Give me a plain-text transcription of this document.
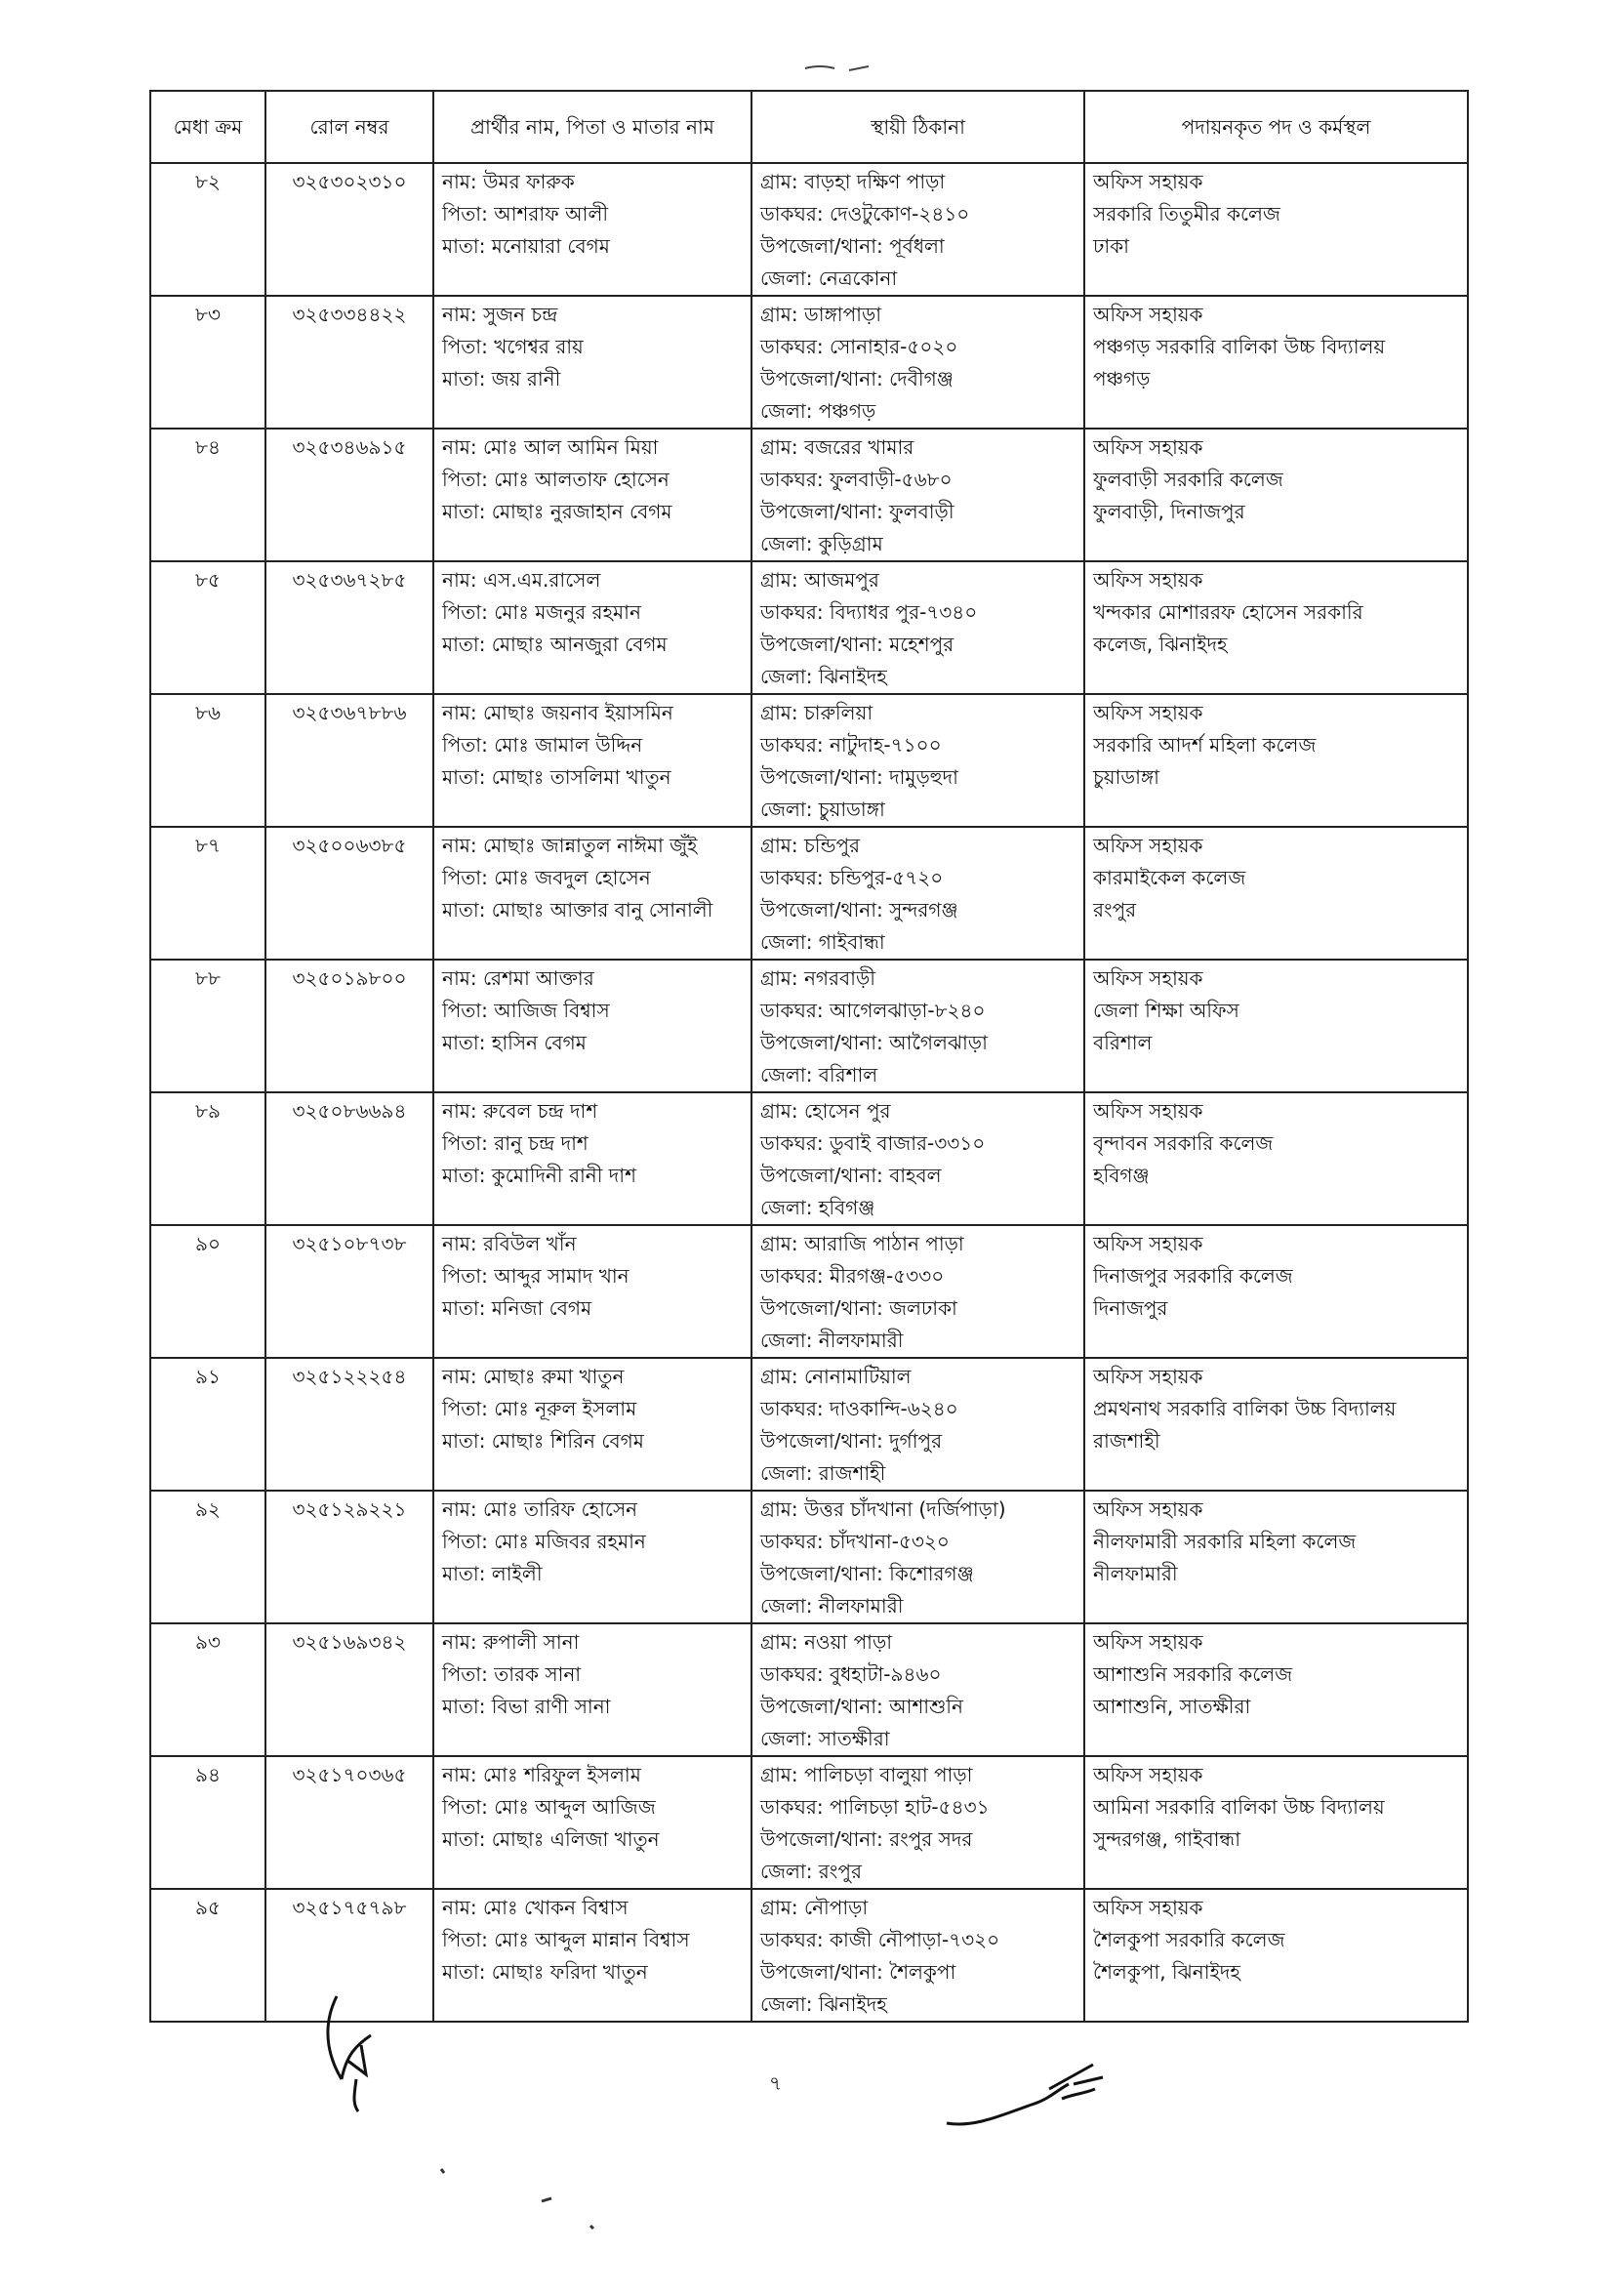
মেধা ক্রম	রোল নম্বর	প্রার্থীর নাম, পিতা ও মাতার নাম	স্থায়ী ঠিকানা	পদায়নকৃত পদ ও কর্মস্থল

৮২	৩২৫৩০২৩১০	নাম: উমর ফারুক
পিতা: আশরাফ আলী
মাতা: মনোয়ারা বেগম	গ্রাম: বাড়হা দক্ষিণ পাড়া
ডাকঘর: দেওটুকোণ-২৪১০
উপজেলা/থানা: পূর্বধলা
জেলা: নেত্রকোনা	অফিস সহায়ক
সরকারি তিতুমীর কলেজ
ঢাকা

৮৩	৩২৫৩৩৪৪২২	নাম: সুজন চন্দ্র
পিতা: খগেশ্বর রায়
মাতা: জয় রানী	গ্রাম: ডাঙ্গাপাড়া
ডাকঘর: সোনাহার-৫০২০
উপজেলা/থানা: দেবীগঞ্জ
জেলা: পঞ্চগড়	অফিস সহায়ক
পঞ্চগড় সরকারি বালিকা উচ্চ বিদ্যালয়
পঞ্চগড়

৮৪	৩২৫৩৪৬৯১৫	নাম: মোঃ আল আমিন মিয়া
পিতা: মোঃ আলতাফ হোসেন
মাতা: মোছাঃ নুরজাহান বেগম	গ্রাম: বজরের খামার
ডাকঘর: ফুলবাড়ী-৫৬৮০
উপজেলা/থানা: ফুলবাড়ী
জেলা: কুড়িগ্রাম	অফিস সহায়ক
ফুলবাড়ী সরকারি কলেজ
ফুলবাড়ী, দিনাজপুর

৮৫	৩২৫৩৬৭২৮৫	নাম: এস.এম.রাসেল
পিতা: মোঃ মজনুর রহমান
মাতা: মোছাঃ আনজুরা বেগম	গ্রাম: আজমপুর
ডাকঘর: বিদ্যাধর পুর-৭৩৪০
উপজেলা/থানা: মহেশপুর
জেলা: ঝিনাইদহ	অফিস সহায়ক
খন্দকার মোশাররফ হোসেন সরকারি
কলেজ, ঝিনাইদহ

৮৬	৩২৫৩৬৭৮৮৬	নাম: মোছাঃ জয়নাব ইয়াসমিন
পিতা: মোঃ জামাল উদ্দিন
মাতা: মোছাঃ তাসলিমা খাতুন	গ্রাম: চারুলিয়া
ডাকঘর: নাটুদাহ-৭১০০
উপজেলা/থানা: দামুড়হুদা
জেলা: চুয়াডাঙ্গা	অফিস সহায়ক
সরকারি আদর্শ মহিলা কলেজ
চুয়াডাঙ্গা

৮৭	৩২৫০০৬৩৮৫	নাম: মোছাঃ জান্নাতুল নাঈমা জুঁই
পিতা: মোঃ জবদুল হোসেন
মাতা: মোছাঃ আক্তার বানু সোনালী	গ্রাম: চন্ডিপুর
ডাকঘর: চন্ডিপুর-৫৭২০
উপজেলা/থানা: সুন্দরগঞ্জ
জেলা: গাইবান্ধা	অফিস সহায়ক
কারমাইকেল কলেজ
রংপুর

৮৮	৩২৫০১৯৮০০	নাম: রেশমা আক্তার
পিতা: আজিজ বিশ্বাস
মাতা: হাসিন বেগম	গ্রাম: নগরবাড়ী
ডাকঘর: আগেলঝাড়া-৮২৪০
উপজেলা/থানা: আগৈলঝাড়া
জেলা: বরিশাল	অফিস সহায়ক
জেলা শিক্ষা অফিস
বরিশাল

৮৯	৩২৫০৮৬৬৯৪	নাম: রুবেল চন্দ্র দাশ
পিতা: রানু চন্দ্র দাশ
মাতা: কুমোদিনী রানী দাশ	গ্রাম: হোসেন পুর
ডাকঘর: ডুবাই বাজার-৩৩১০
উপজেলা/থানা: বাহবল
জেলা: হবিগঞ্জ	অফিস সহায়ক
বৃন্দাবন সরকারি কলেজ
হবিগঞ্জ

৯০	৩২৫১০৮৭৩৮	নাম: রবিউল খাঁন
পিতা: আব্দুর সামাদ খান
মাতা: মনিজা বেগম	গ্রাম: আরাজি পাঠান পাড়া
ডাকঘর: মীরগঞ্জ-৫৩৩০
উপজেলা/থানা: জলঢাকা
জেলা: নীলফামারী	অফিস সহায়ক
দিনাজপুর সরকারি কলেজ
দিনাজপুর

৯১	৩২৫১২২২৫৪	নাম: মোছাঃ রুমা খাতুন
পিতা: মোঃ নূরুল ইসলাম
মাতা: মোছাঃ শিরিন বেগম	গ্রাম: নোনামাটিয়াল
ডাকঘর: দাওকান্দি-৬২৪০
উপজেলা/থানা: দুর্গাপুর
জেলা: রাজশাহী	অফিস সহায়ক
প্রমথনাথ সরকারি বালিকা উচ্চ বিদ্যালয়
রাজশাহী

৯২	৩২৫১২৯২২১	নাম: মোঃ তারিফ হোসেন
পিতা: মোঃ মজিবর রহমান
মাতা: লাইলী	গ্রাম: উত্তর চাঁদখানা (দর্জিপাড়া)
ডাকঘর: চাঁদখানা-৫৩২০
উপজেলা/থানা: কিশোরগঞ্জ
জেলা: নীলফামারী	অফিস সহায়ক
নীলফামারী সরকারি মহিলা কলেজ
নীলফামারী

৯৩	৩২৫১৬৯৩৪২	নাম: রুপালী সানা
পিতা: তারক সানা
মাতা: বিভা রাণী সানা	গ্রাম: নওয়া পাড়া
ডাকঘর: বুধহাটা-৯৪৬০
উপজেলা/থানা: আশাশুনি
জেলা: সাতক্ষীরা	অফিস সহায়ক
আশাশুনি সরকারি কলেজ
আশাশুনি, সাতক্ষীরা

৯৪	৩২৫১৭০৩৬৫	নাম: মোঃ শরিফুল ইসলাম
পিতা: মোঃ আব্দুল আজিজ
মাতা: মোছাঃ এলিজা খাতুন	গ্রাম: পালিচড়া বালুয়া পাড়া
ডাকঘর: পালিচড়া হাট-৫৪৩১
উপজেলা/থানা: রংপুর সদর
জেলা: রংপুর	অফিস সহায়ক
আমিনা সরকারি বালিকা উচ্চ বিদ্যালয়
সুন্দরগঞ্জ, গাইবান্ধা

৯৫	৩২৫১৭৫৭৯৮	নাম: মোঃ খোকন বিশ্বাস
পিতা: মোঃ আব্দুল মান্নান বিশ্বাস
মাতা: মোছাঃ ফরিদা খাতুন	গ্রাম: নৌপাড়া
ডাকঘর: কাজী নৌপাড়া-৭৩২০
উপজেলা/থানা: শৈলকুপা
জেলা: ঝিনাইদহ	অফিস সহায়ক
শৈলকুপা সরকারি কলেজ
শৈলকুপা, ঝিনাইদহ
৭
